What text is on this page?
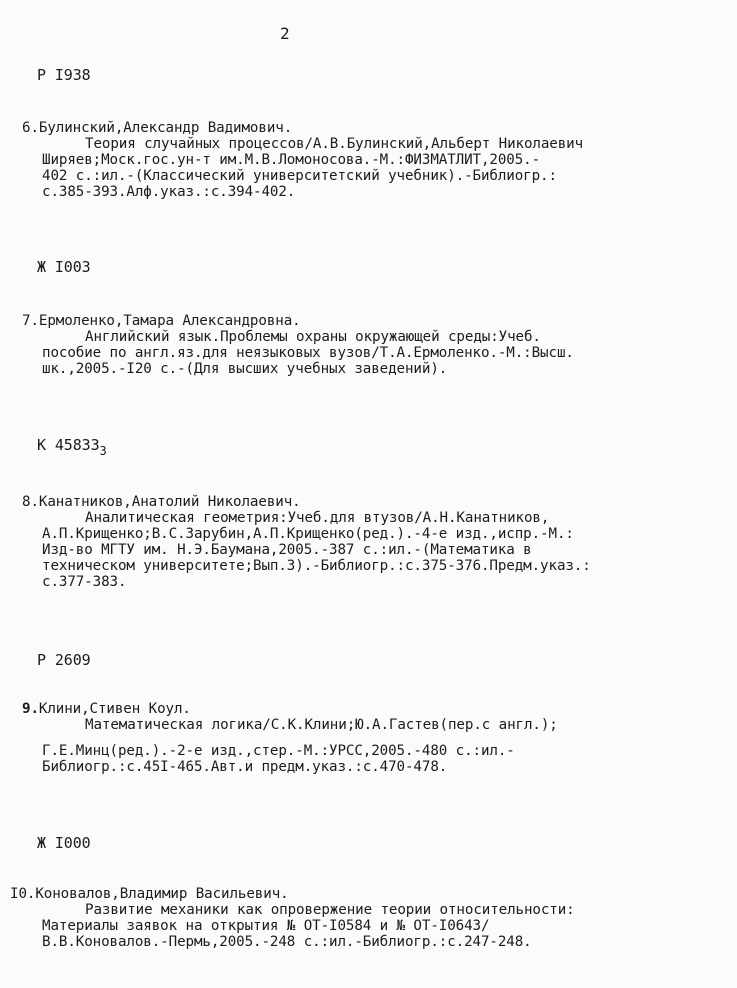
2
Р I938
6.Булинский,Александр Вадимович.
Теория случайных процессов/А.В.Булинский,Альберт Николаевич
Ширяев;Моск.гос.ун-т им.М.В.Ломоносова.-М.:ФИЗМАТЛИТ,2005.-
402 с.:ил.-(Классический университетский учебник).-Библиогр.:
с.385-393.Алф.указ.:с.394-402.
Ж I003
7.Ермоленко,Тамара Александровна.
Английский язык.Проблемы охраны окружающей среды:Учеб.
пособие по англ.яз.для неязыковых вузов/Т.А.Ермоленко.-М.:Высш.
шк.,2005.-I20 с.-(Для высших учебных заведений).
К $45833_3$
8.Канатников,Анатолий Николаевич.
Аналитическая геометрия:Учеб.для втузов/А.Н.Канатников,
А.П.Крищенко;В.С.Зарубин,А.П.Крищенко(ред.).-4-е изд.,испр.-М.:
Изд-во МГТУ им. Н.Э.Баумана,2005.-387 с.:ил.-(Математика в
техническом университете;Вып.3).-Библиогр.:с.375-376.Предм.указ.:
с.377-383.
Р 2609
9.Клини,Стивен Коул.
Математическая логика/С.К.Клини;Ю.А.Гастев(пер.с англ.);
Г.Е.Минц(ред.).-2-е изд.,стер.-М.:УРСС,2005.-480 с.:ил.-
Библиогр.:с.45I-465.Авт.и предм.указ.:с.470-478.
Ж I000
I0.Коновалов,Владимир Васильевич.
Развитие механики как опровержение теории относительности:
Материалы заявок на открытия № ОТ-I0584 и № ОТ-I0643/
В.В.Коновалов.-Пермь,2005.-248 с.:ил.-Библиогр.:с.247-248.
